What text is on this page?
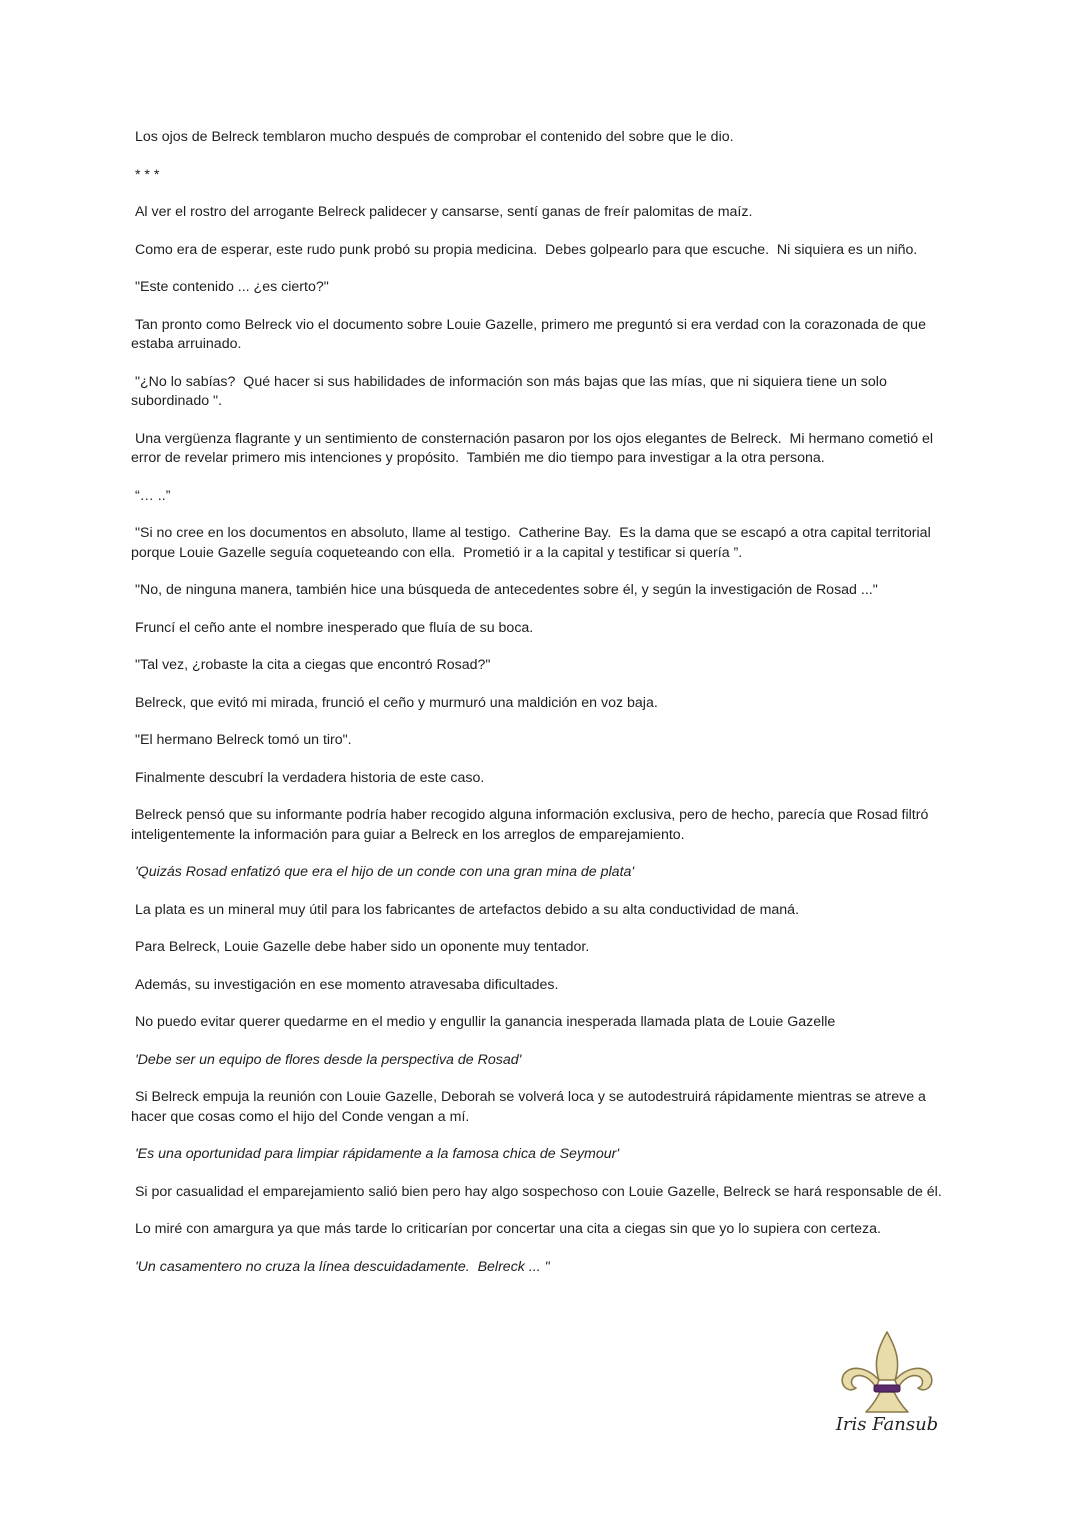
Los ojos de Belreck temblaron mucho después de comprobar el contenido del sobre que le dio.

* * *

Al ver el rostro del arrogante Belreck palidecer y cansarse, sentí ganas de freír palomitas de maíz.

Como era de esperar, este rudo punk probó su propia medicina.  Debes golpearlo para que escuche.  Ni siquiera es un niño.

"Este contenido ... ¿es cierto?"

Tan pronto como Belreck vio el documento sobre Louie Gazelle, primero me preguntó si era verdad con la corazonada de que estaba arruinado.

"¿No lo sabías?  Qué hacer si sus habilidades de información son más bajas que las mías, que ni siquiera tiene un solo subordinado ".

Una vergüenza flagrante y un sentimiento de consternación pasaron por los ojos elegantes de Belreck.  Mi hermano cometió el error de revelar primero mis intenciones y propósito.  También me dio tiempo para investigar a la otra persona.

“… ..”

"Si no cree en los documentos en absoluto, llame al testigo.  Catherine Bay.  Es la dama que se escapó a otra capital territorial porque Louie Gazelle seguía coqueteando con ella.  Prometió ir a la capital y testificar si quería ”.

"No, de ninguna manera, también hice una búsqueda de antecedentes sobre él, y según la investigación de Rosad ..."

Fruncí el ceño ante el nombre inesperado que fluía de su boca.

"Tal vez, ¿robaste la cita a ciegas que encontró Rosad?"

Belreck, que evitó mi mirada, frunció el ceño y murmuró una maldición en voz baja.

"El hermano Belreck tomó un tiro".

Finalmente descubrí la verdadera historia de este caso.

Belreck pensó que su informante podría haber recogido alguna información exclusiva, pero de hecho, parecía que Rosad filtró inteligentemente la información para guiar a Belreck en los arreglos de emparejamiento.

'Quizás Rosad enfatizó que era el hijo de un conde con una gran mina de plata'

La plata es un mineral muy útil para los fabricantes de artefactos debido a su alta conductividad de maná.

Para Belreck, Louie Gazelle debe haber sido un oponente muy tentador.

Además, su investigación en ese momento atravesaba dificultades.

No puedo evitar querer quedarme en el medio y engullir la ganancia inesperada llamada plata de Louie Gazelle

'Debe ser un equipo de flores desde la perspectiva de Rosad'

Si Belreck empuja la reunión con Louie Gazelle, Deborah se volverá loca y se autodestruirá rápidamente mientras se atreve a hacer que cosas como el hijo del Conde vengan a mí.

'Es una oportunidad para limpiar rápidamente a la famosa chica de Seymour'

Si por casualidad el emparejamiento salió bien pero hay algo sospechoso con Louie Gazelle, Belreck se hará responsable de él.

Lo miré con amargura ya que más tarde lo criticarían por concertar una cita a ciegas sin que yo lo supiera con certeza.

'Un casamentero no cruza la línea descuidadamente.  Belreck ... "

Iris Fansub
